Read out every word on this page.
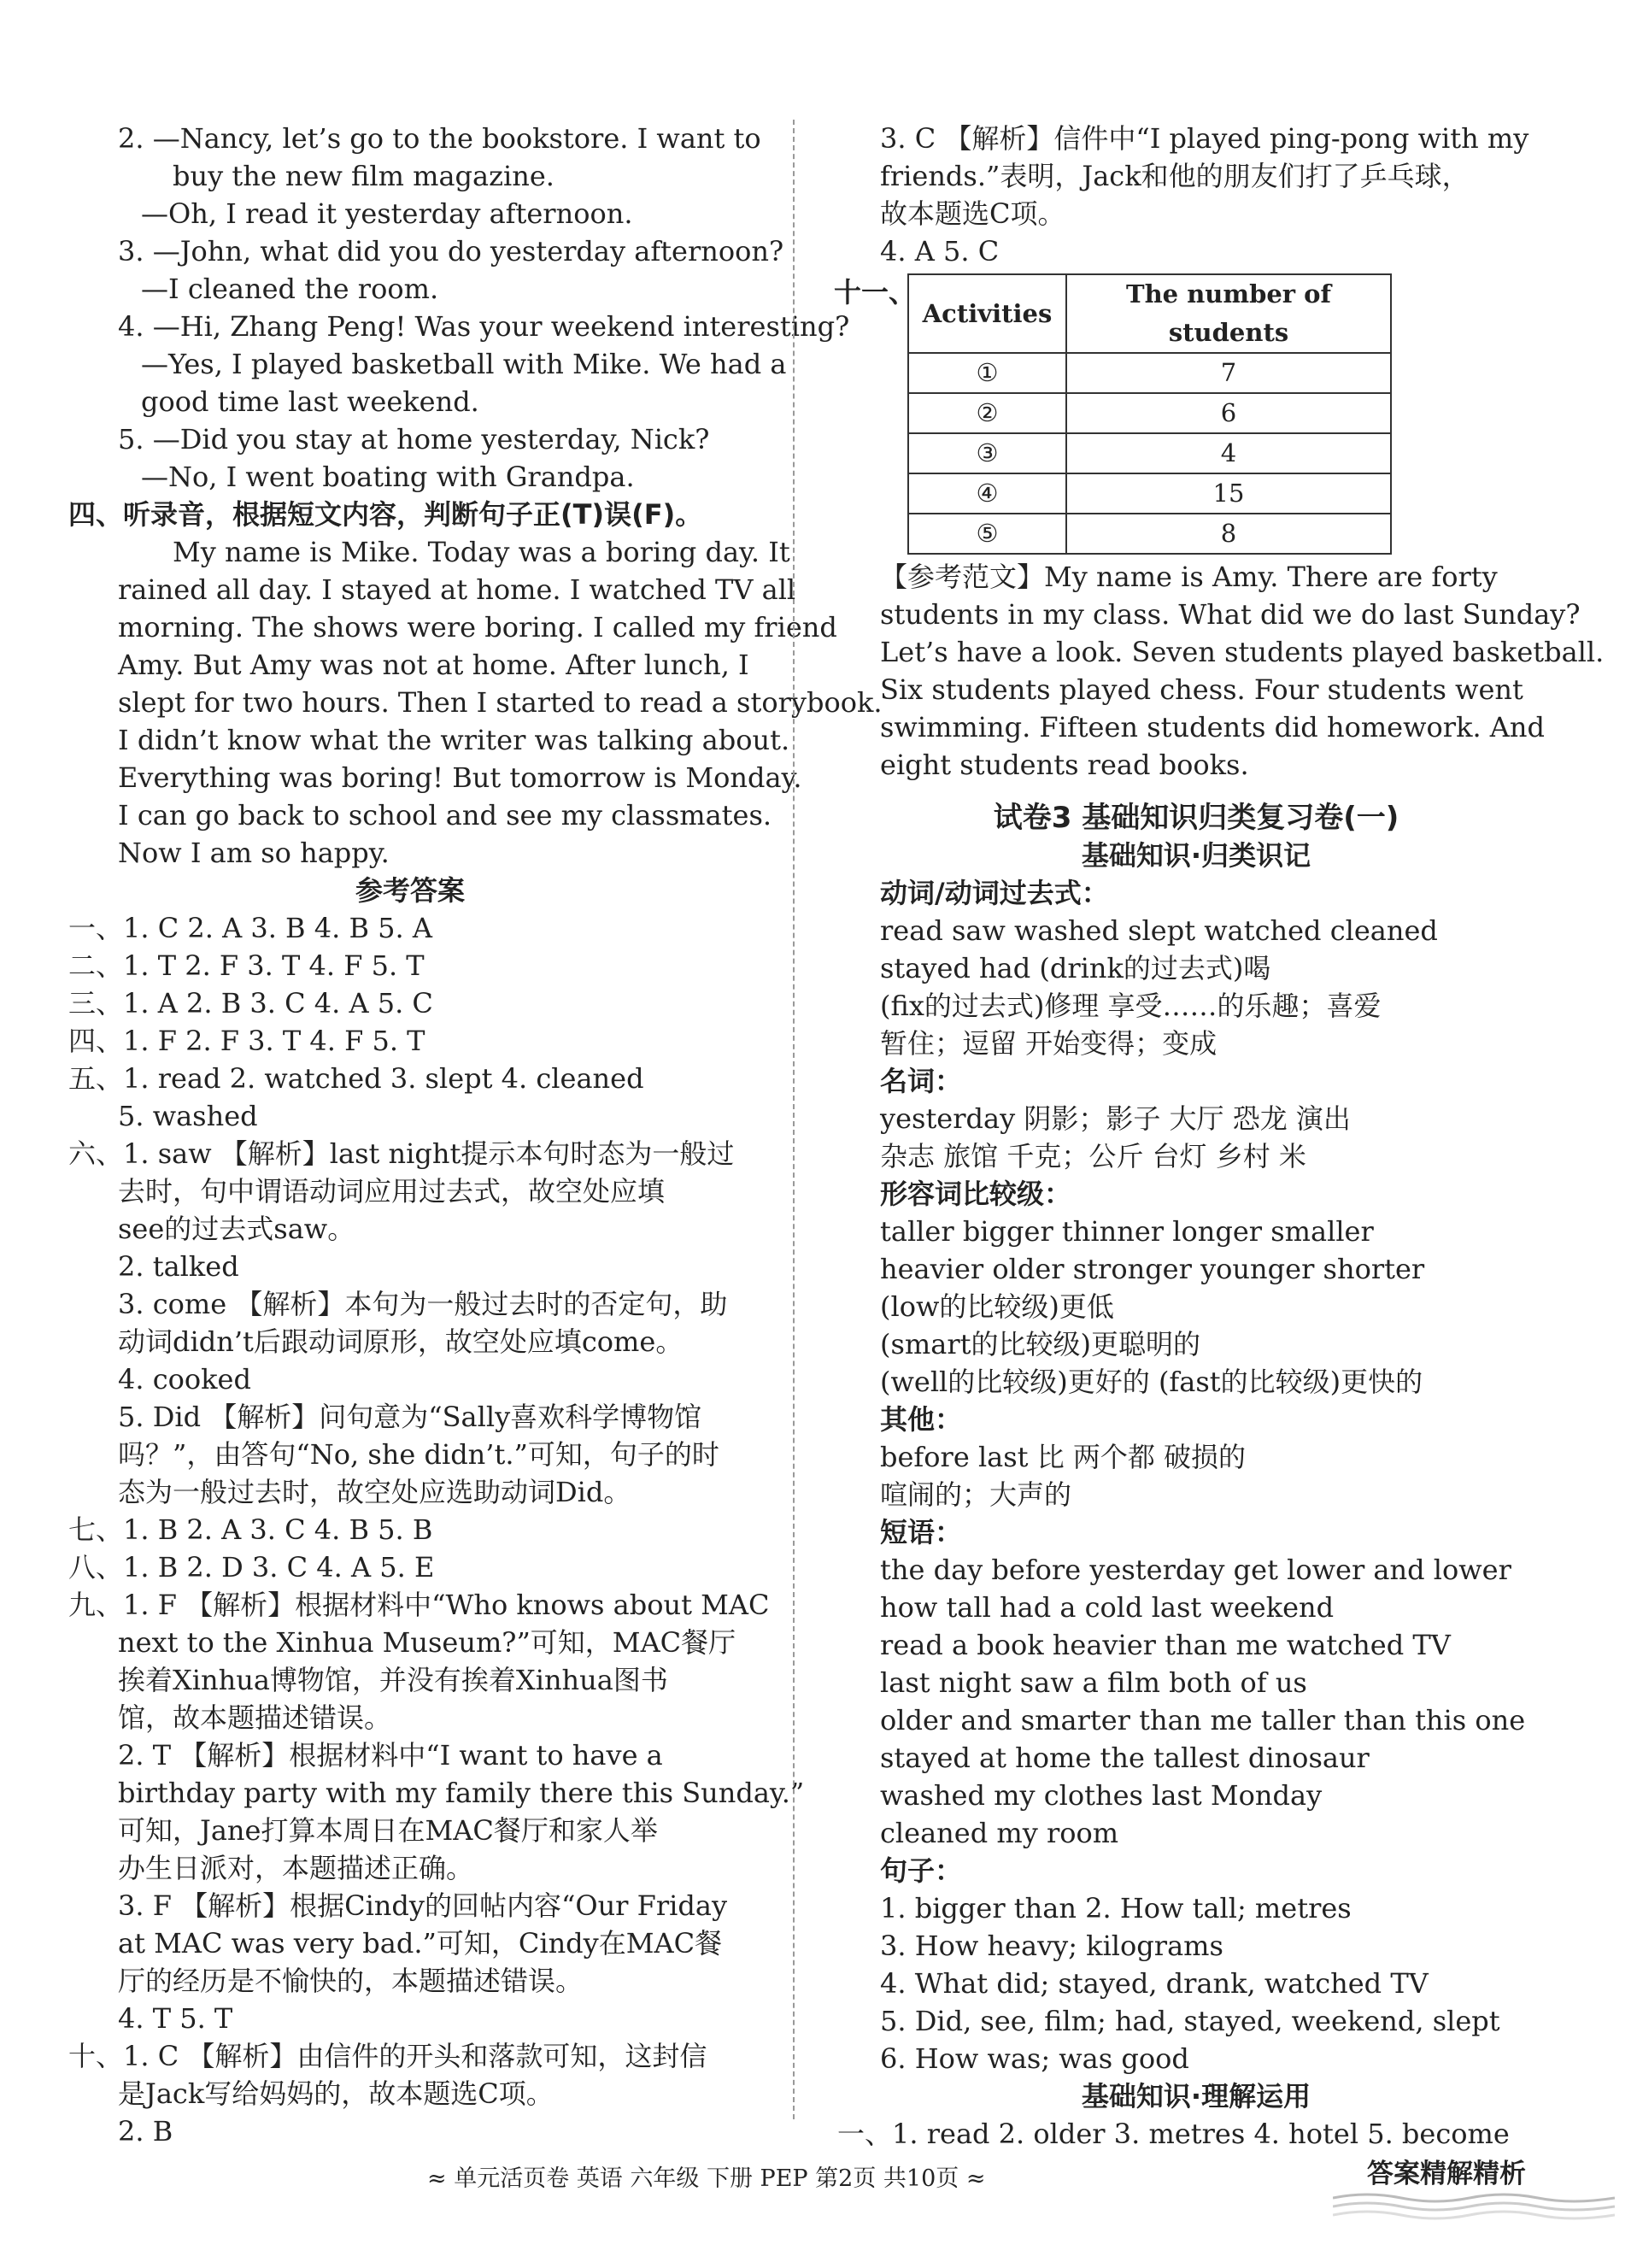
2. —Nancy, let’s go to the bookstore. I want to
buy the new film magazine.
—Oh, I read it yesterday afternoon.
3. —John, what did you do yesterday afternoon?
—I cleaned the room.
4. —Hi, Zhang Peng! Was your weekend interesting?
—Yes, I played basketball with Mike. We had a
good time last weekend.
5. —Did you stay at home yesterday, Nick?
—No, I went boating with Grandpa.
四、听录音，根据短文内容，判断句子正(T)误(F)。
My name is Mike. Today was a boring day. It
rained all day. I stayed at home. I watched TV all
morning. The shows were boring. I called my friend
Amy. But Amy was not at home. After lunch, I
slept for two hours. Then I started to read a storybook.
I didn’t know what the writer was talking about.
Everything was boring! But tomorrow is Monday.
I can go back to school and see my classmates.
Now I am so happy.
参考答案
一、1. C 2. A 3. B 4. B 5. A
二、1. T 2. F 3. T 4. F 5. T
三、1. A 2. B 3. C 4. A 5. C
四、1. F 2. F 3. T 4. F 5. T
五、1. read 2. watched 3. slept 4. cleaned
5. washed
六、1. saw 【解析】last night提示本句时态为一般过
去时，句中谓语动词应用过去式，故空处应填
see的过去式saw。
2. talked
3. come 【解析】本句为一般过去时的否定句，助
动词didn’t后跟动词原形，故空处应填come。
4. cooked
5. Did 【解析】问句意为“Sally喜欢科学博物馆
吗？”，由答句“No, she didn’t.”可知，句子的时
态为一般过去时，故空处应选助动词Did。
七、1. B 2. A 3. C 4. B 5. B
八、1. B 2. D 3. C 4. A 5. E
九、1. F 【解析】根据材料中“Who knows about MAC
next to the Xinhua Museum?”可知，MAC餐厅
挨着Xinhua博物馆，并没有挨着Xinhua图书
馆，故本题描述错误。
2. T 【解析】根据材料中“I want to have a
birthday party with my family there this Sunday.”
可知，Jane打算本周日在MAC餐厅和家人举
办生日派对，本题描述正确。
3. F 【解析】根据Cindy的回帖内容“Our Friday
at MAC was very bad.”可知，Cindy在MAC餐
厅的经历是不愉快的，本题描述错误。
4. T 5. T
十、1. C 【解析】由信件的开头和落款可知，这封信
是Jack写给妈妈的，故本题选C项。
2. B
3. C 【解析】信件中“I played ping-pong with my
friends.”表明，Jack和他的朋友们打了乒乓球，
故本题选C项。
4. A 5. C
十一、
Activities	The number of students
①	7
②	6
③	4
④	15
⑤	8
【参考范文】My name is Amy. There are forty
students in my class. What did we do last Sunday?
Let’s have a look. Seven students played basketball.
Six students played chess. Four students went
swimming. Fifteen students did homework. And
eight students read books.
试卷3 基础知识归类复习卷(一)
基础知识·归类识记
动词/动词过去式：
read saw washed slept watched cleaned
stayed had (drink的过去式)喝
(fix的过去式)修理 享受……的乐趣；喜爱
暂住；逗留 开始变得；变成
名词：
yesterday 阴影；影子 大厅 恐龙 演出
杂志 旅馆 千克；公斤 台灯 乡村 米
形容词比较级：
taller bigger thinner longer smaller
heavier older stronger younger shorter
(low的比较级)更低
(smart的比较级)更聪明的
(well的比较级)更好的 (fast的比较级)更快的
其他：
before last 比 两个都 破损的
喧闹的；大声的
短语：
the day before yesterday get lower and lower
how tall had a cold last weekend
read a book heavier than me watched TV
last night saw a film both of us
older and smarter than me taller than this one
stayed at home the tallest dinosaur
washed my clothes last Monday
cleaned my room
句子：
1. bigger than 2. How tall; metres
3. How heavy; kilograms
4. What did; stayed, drank, watched TV
5. Did, see, film; had, stayed, weekend, slept
6. How was; was good
基础知识·理解运用
一、1. read 2. older 3. metres 4. hotel 5. become
≈ 单元活页卷 英语 六年级 下册 PEP 第2页 共10页 ≈	答案精解精析
